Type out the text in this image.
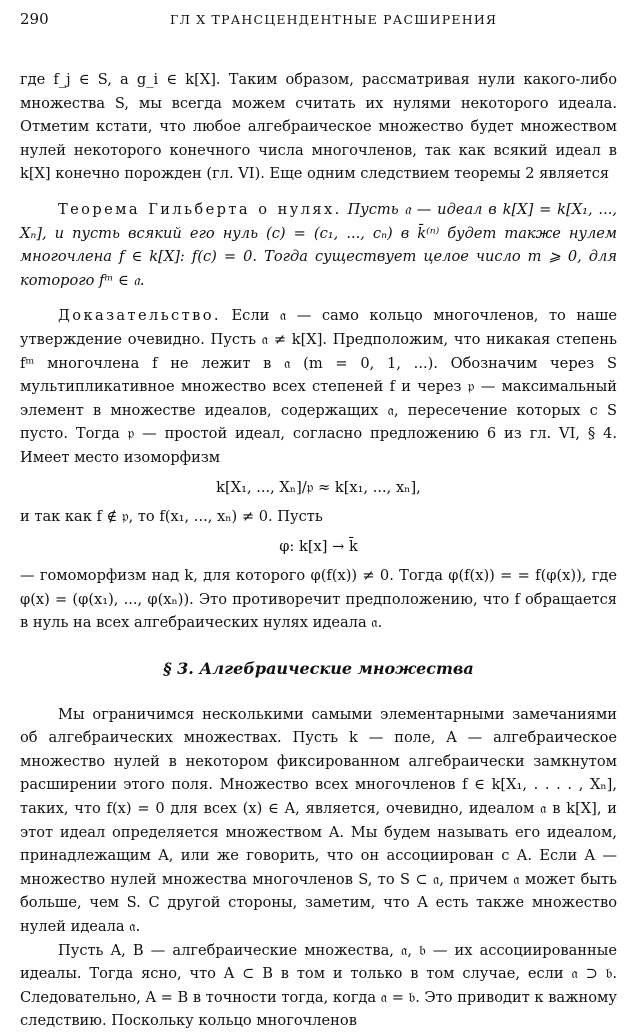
290	ГЛ X ТРАНСЦЕНДЕНТНЫЕ РАСШИРЕНИЯ

где f_j ∈ S, а g_i ∈ k[X]. Таким образом, рассматривая нули какого-либо множества S, мы всегда можем считать их нулями некоторого идеала. Отметим кстати, что любое алгебраическое множество будет множеством нулей некоторого конечного числа многочленов, так как всякий идеал в k[X] конечно порожден (гл. VI). Еще одним следствием теоремы 2 является

Теорема Гильберта о нулях. Пусть 𝔞 — идеал в k[X] = k[X₁, ..., Xₙ], и пусть всякий его нуль (c) = (c₁, ..., cₙ) в k̄⁽ⁿ⁾ будет также нулем многочлена f ∈ k[X]: f(c) = 0. Тогда существует целое число m ⩾ 0, для которого fᵐ ∈ 𝔞.

Доказательство. Если 𝔞 — само кольцо многочленов, то наше утверждение очевидно. Пусть 𝔞 ≠ k[X]. Предположим, что никакая степень fᵐ многочлена f не лежит в 𝔞 (m = 0, 1, ...). Обозначим через S мультипликативное множество всех степеней f и через 𝔭 — максимальный элемент в множестве идеалов, содержащих 𝔞, пересечение которых с S пусто. Тогда 𝔭 — простой идеал, согласно предложению 6 из гл. VI, § 4. Имеет место изоморфизм

k[X₁, ..., Xₙ]/𝔭 ≈ k[x₁, ..., xₙ],

и так как f ∉ 𝔭, то f(x₁, ..., xₙ) ≠ 0. Пусть

φ: k[x] → k̄

— гомоморфизм над k, для которого φ(f(x)) ≠ 0. Тогда φ(f(x)) = = f(φ(x)), где φ(x) = (φ(x₁), ..., φ(xₙ)). Это противоречит предположению, что f обращается в нуль на всех алгебраических нулях идеала 𝔞.

§ 3. Алгебраические множества

Мы ограничимся несколькими самыми элементарными замечаниями об алгебраических множествах. Пусть k — поле, A — алгебраическое множество нулей в некотором фиксированном алгебраически замкнутом расширении этого поля. Множество всех многочленов f ∈ k[X₁, . . . . , Xₙ], таких, что f(x) = 0 для всех (x) ∈ A, является, очевидно, идеалом 𝔞 в k[X], и этот идеал определяется множеством A. Мы будем называть его идеалом, принадлежащим A, или же говорить, что он ассоциирован с A. Если A — множество нулей множества многочленов S, то S ⊂ 𝔞, причем 𝔞 может быть больше, чем S. С другой стороны, заметим, что A есть также множество нулей идеала 𝔞.

Пусть A, B — алгебраические множества, 𝔞, 𝔟 — их ассоциированные идеалы. Тогда ясно, что A ⊂ B в том и только в том случае, если 𝔞 ⊃ 𝔟. Следовательно, A = B в точности тогда, когда 𝔞 = 𝔟. Это приводит к важному следствию. Поскольку кольцо многочленов
